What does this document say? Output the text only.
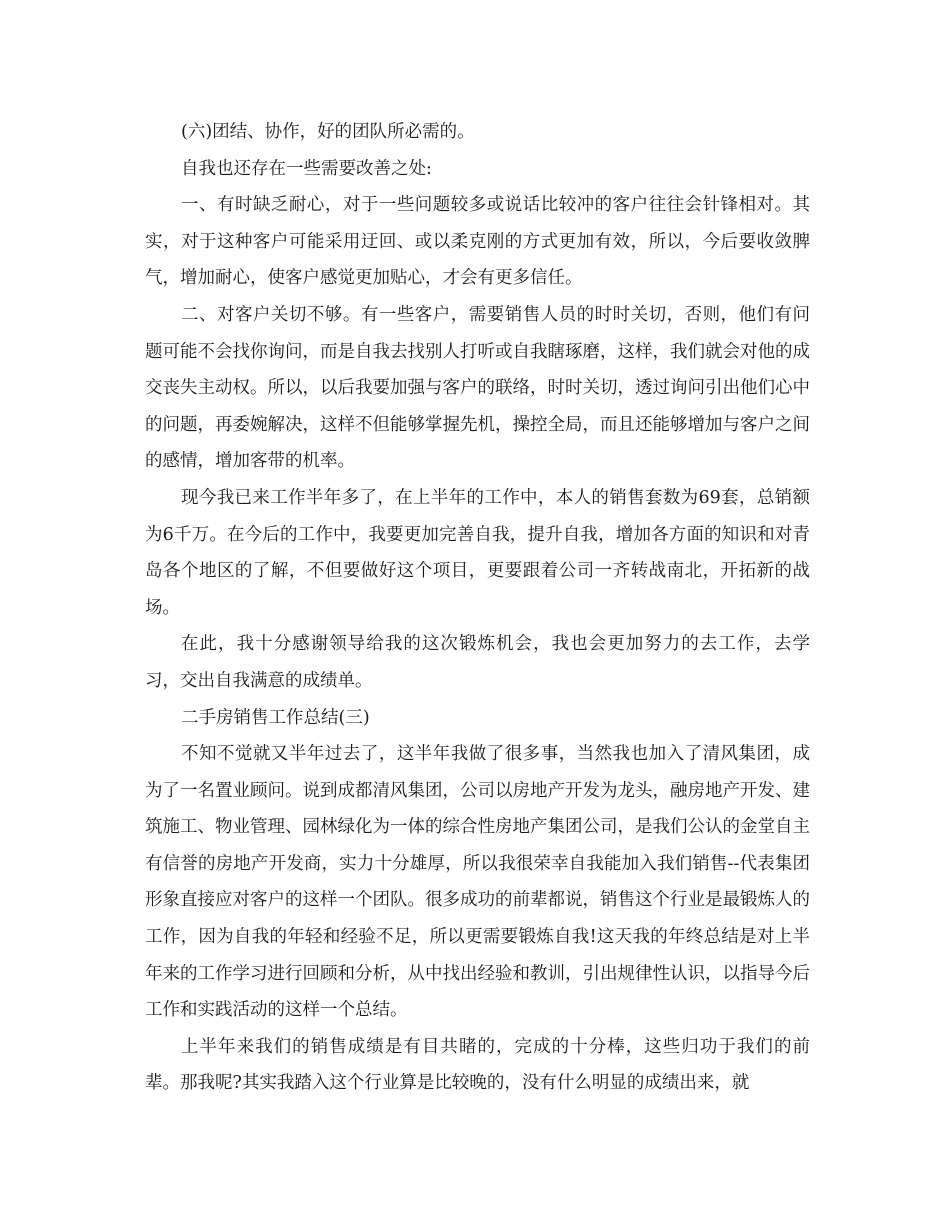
(六)团结、协作，好的团队所必需的。

自我也还存在一些需要改善之处:

一、有时缺乏耐心，对于一些问题较多或说话比较冲的客户往往会针锋相对。其实，对于这种客户可能采用迂回、或以柔克刚的方式更加有效，所以，今后要收敛脾气，增加耐心，使客户感觉更加贴心，才会有更多信任。

二、对客户关切不够。有一些客户，需要销售人员的时时关切，否则，他们有问题可能不会找你询问，而是自我去找别人打听或自我瞎琢磨，这样，我们就会对他的成交丧失主动权。所以，以后我要加强与客户的联络，时时关切，透过询问引出他们心中的问题，再委婉解决，这样不但能够掌握先机，操控全局，而且还能够增加与客户之间的感情，增加客带的机率。

现今我已来工作半年多了，在上半年的工作中，本人的销售套数为69套，总销额为6千万。在今后的工作中，我要更加完善自我，提升自我，增加各方面的知识和对青岛各个地区的了解，不但要做好这个项目，更要跟着公司一齐转战南北，开拓新的战场。

在此，我十分感谢领导给我的这次锻炼机会，我也会更加努力的去工作，去学习，交出自我满意的成绩单。

二手房销售工作总结(三)

不知不觉就又半年过去了，这半年我做了很多事，当然我也加入了清风集团，成为了一名置业顾问。说到成都清风集团，公司以房地产开发为龙头，融房地产开发、建筑施工、物业管理、园林绿化为一体的综合性房地产集团公司，是我们公认的金堂自主有信誉的房地产开发商，实力十分雄厚，所以我很荣幸自我能加入我们销售--代表集团形象直接应对客户的这样一个团队。很多成功的前辈都说，销售这个行业是最锻炼人的工作，因为自我的年轻和经验不足，所以更需要锻炼自我!这天我的年终总结是对上半年来的工作学习进行回顾和分析，从中找出经验和教训，引出规律性认识，以指导今后工作和实践活动的这样一个总结。

上半年来我们的销售成绩是有目共睹的，完成的十分棒，这些归功于我们的前辈。那我呢?其实我踏入这个行业算是比较晚的，没有什么明显的成绩出来，就
